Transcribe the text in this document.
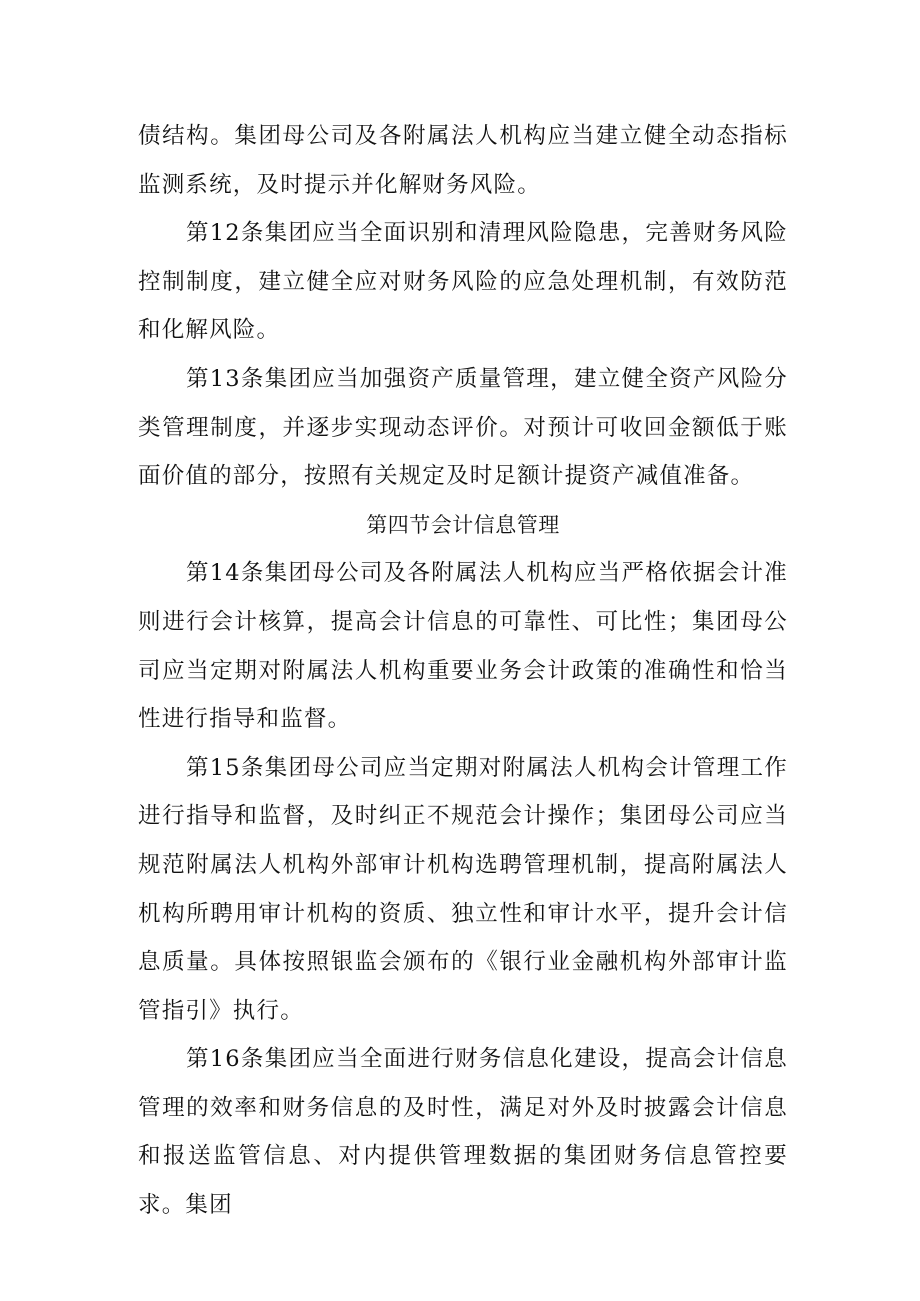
债结构。集团母公司及各附属法人机构应当建立健全动态指标监测系统，及时提示并化解财务风险。

第12条集团应当全面识别和清理风险隐患，完善财务风险控制制度，建立健全应对财务风险的应急处理机制，有效防范和化解风险。

第13条集团应当加强资产质量管理，建立健全资产风险分类管理制度，并逐步实现动态评价。对预计可收回金额低于账面价值的部分，按照有关规定及时足额计提资产减值准备。

第四节会计信息管理

第14条集团母公司及各附属法人机构应当严格依据会计准则进行会计核算，提高会计信息的可靠性、可比性；集团母公司应当定期对附属法人机构重要业务会计政策的准确性和恰当性进行指导和监督。

第15条集团母公司应当定期对附属法人机构会计管理工作进行指导和监督，及时纠正不规范会计操作；集团母公司应当规范附属法人机构外部审计机构选聘管理机制，提高附属法人机构所聘用审计机构的资质、独立性和审计水平，提升会计信息质量。具体按照银监会颁布的《银行业金融机构外部审计监管指引》执行。

第16条集团应当全面进行财务信息化建设，提高会计信息管理的效率和财务信息的及时性，满足对外及时披露会计信息和报送监管信息、对内提供管理数据的集团财务信息管控要求。集团
